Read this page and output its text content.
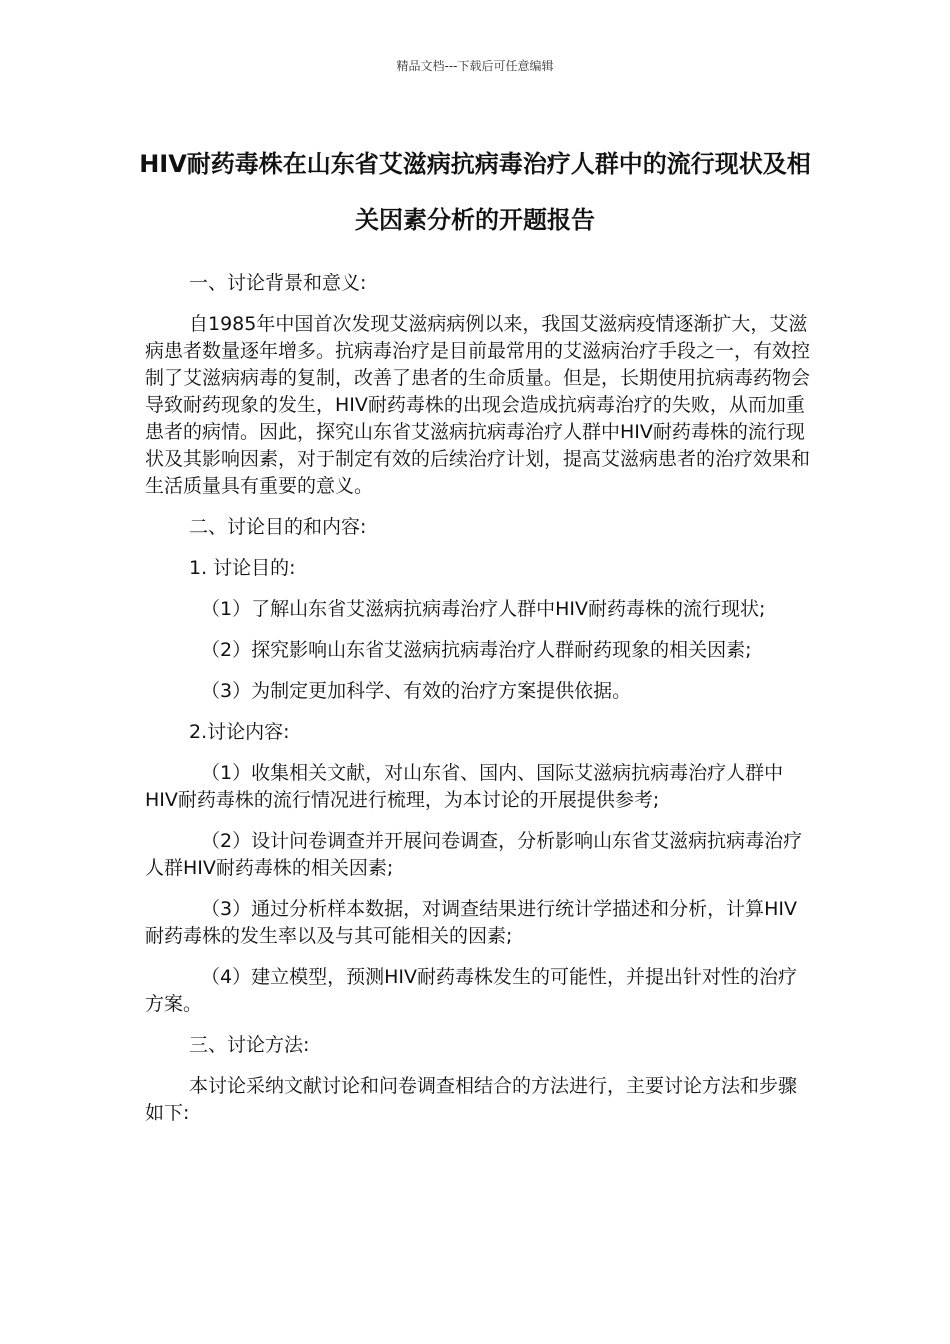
精品文档---下载后可任意编辑
HIV耐药毒株在山东省艾滋病抗病毒治疗人群中的流行现状及相关因素分析的开题报告

一、讨论背景和意义:

自1985年中国首次发现艾滋病病例以来，我国艾滋病疫情逐渐扩大，艾滋病患者数量逐年增多。抗病毒治疗是目前最常用的艾滋病治疗手段之一，有效控制了艾滋病病毒的复制，改善了患者的生命质量。但是，长期使用抗病毒药物会导致耐药现象的发生，HIV耐药毒株的出现会造成抗病毒治疗的失败，从而加重患者的病情。因此，探究山东省艾滋病抗病毒治疗人群中HIV耐药毒株的流行现状及其影响因素，对于制定有效的后续治疗计划，提高艾滋病患者的治疗效果和生活质量具有重要的意义。

二、讨论目的和内容:

1. 讨论目的:

（1）了解山东省艾滋病抗病毒治疗人群中HIV耐药毒株的流行现状;

（2）探究影响山东省艾滋病抗病毒治疗人群耐药现象的相关因素;

（3）为制定更加科学、有效的治疗方案提供依据。

2.讨论内容:

（1）收集相关文献，对山东省、国内、国际艾滋病抗病毒治疗人群中HIV耐药毒株的流行情况进行梳理，为本讨论的开展提供参考;

（2）设计问卷调查并开展问卷调查，分析影响山东省艾滋病抗病毒治疗人群HIV耐药毒株的相关因素;

（3）通过分析样本数据，对调查结果进行统计学描述和分析，计算HIV耐药毒株的发生率以及与其可能相关的因素;

（4）建立模型，预测HIV耐药毒株发生的可能性，并提出针对性的治疗方案。

三、讨论方法:

本讨论采纳文献讨论和问卷调查相结合的方法进行，主要讨论方法和步骤如下:
